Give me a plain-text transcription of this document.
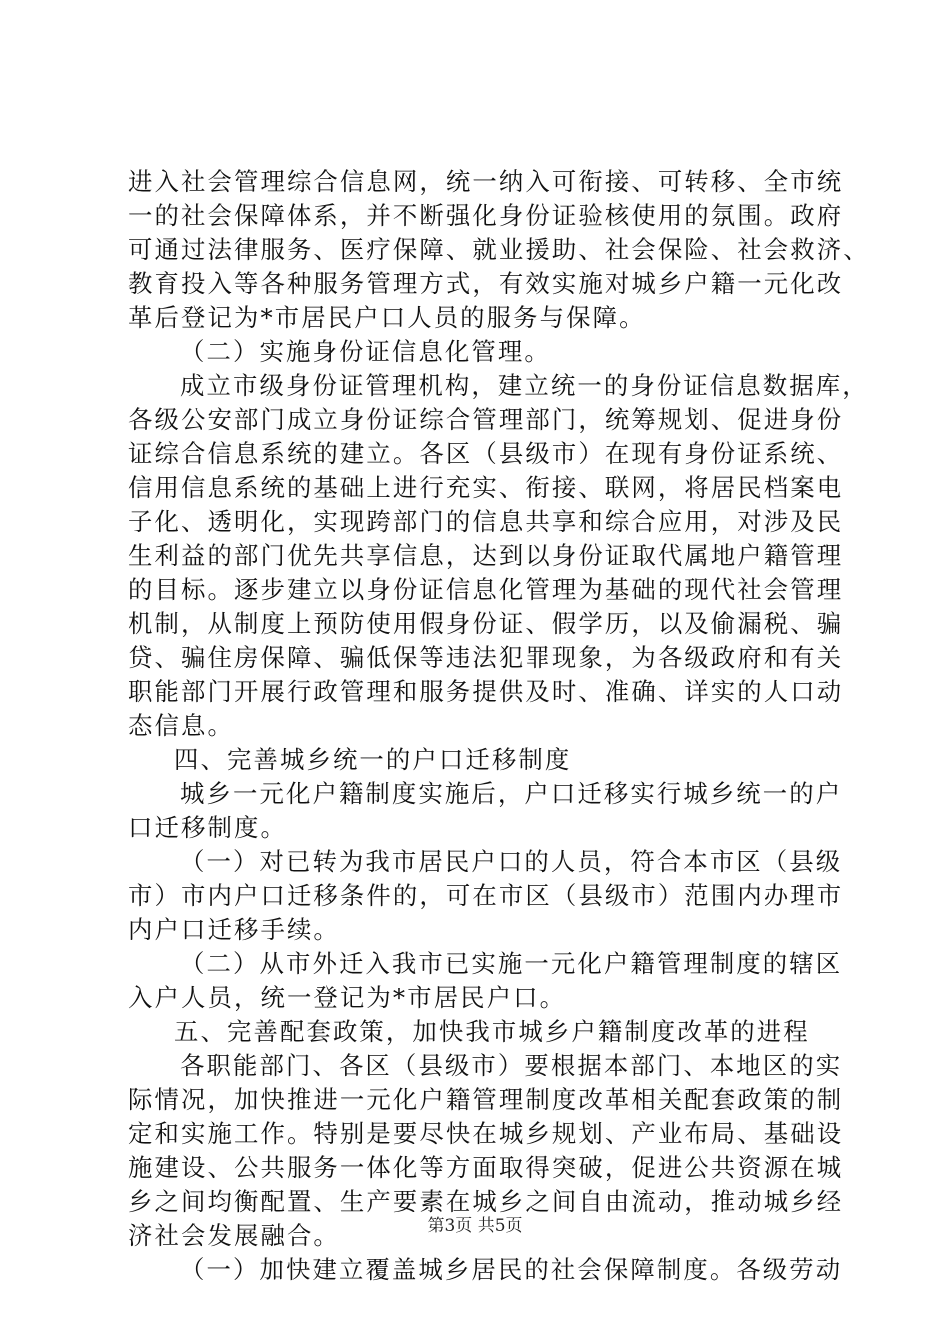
进入社会管理综合信息网，统一纳入可衔接、可转移、全市统
一的社会保障体系，并不断强化身份证验核使用的氛围。政府
可通过法律服务、医疗保障、就业援助、社会保险、社会救济、
教育投入等各种服务管理方式，有效实施对城乡户籍一元化改
革后登记为*市居民户口人员的服务与保障。
（二）实施身份证信息化管理。
成立市级身份证管理机构，建立统一的身份证信息数据库，
各级公安部门成立身份证综合管理部门，统筹规划、促进身份
证综合信息系统的建立。各区（县级市）在现有身份证系统、
信用信息系统的基础上进行充实、衔接、联网，将居民档案电
子化、透明化，实现跨部门的信息共享和综合应用，对涉及民
生利益的部门优先共享信息，达到以身份证取代属地户籍管理
的目标。逐步建立以身份证信息化管理为基础的现代社会管理
机制，从制度上预防使用假身份证、假学历，以及偷漏税、骗
贷、骗住房保障、骗低保等违法犯罪现象，为各级政府和有关
职能部门开展行政管理和服务提供及时、准确、详实的人口动
态信息。
四、完善城乡统一的户口迁移制度
城乡一元化户籍制度实施后，户口迁移实行城乡统一的户
口迁移制度。
（一）对已转为我市居民户口的人员，符合本市区（县级
市）市内户口迁移条件的，可在市区（县级市）范围内办理市
内户口迁移手续。
（二）从市外迁入我市已实施一元化户籍管理制度的辖区
入户人员，统一登记为*市居民户口。
五、完善配套政策，加快我市城乡户籍制度改革的进程
各职能部门、各区（县级市）要根据本部门、本地区的实
际情况，加快推进一元化户籍管理制度改革相关配套政策的制
定和实施工作。特别是要尽快在城乡规划、产业布局、基础设
施建设、公共服务一体化等方面取得突破，促进公共资源在城
乡之间均衡配置、生产要素在城乡之间自由流动，推动城乡经
济社会发展融合。
（一）加快建立覆盖城乡居民的社会保障制度。各级劳动
第3页 共5页
